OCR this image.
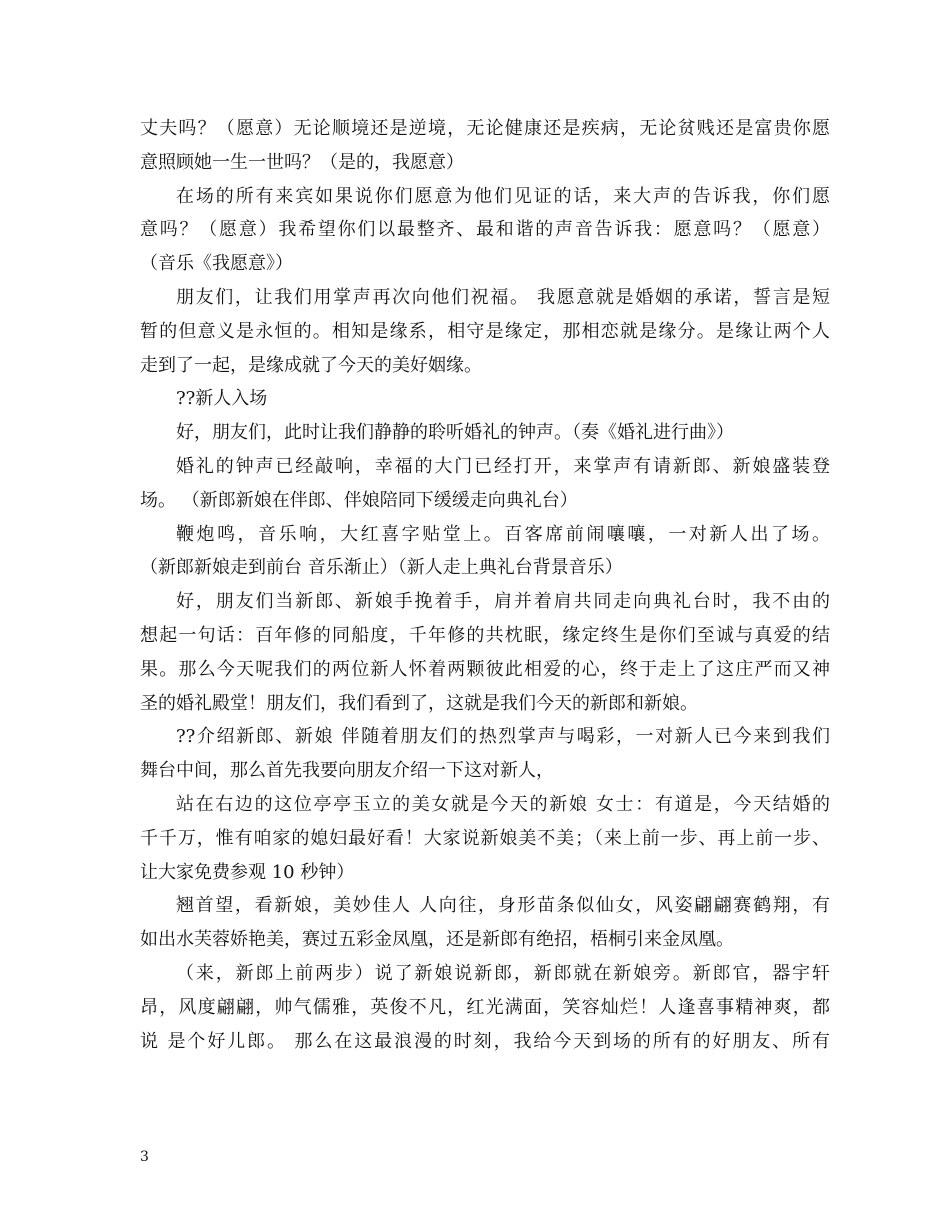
丈夫吗？（愿意）无论顺境还是逆境，无论健康还是疾病，无论贫贱还是富贵你愿
意照顾她一生一世吗？（是的，我愿意）
在场的所有来宾如果说你们愿意为他们见证的话，来大声的告诉我，你们愿
意吗？（愿意）我希望你们以最整齐、最和谐的声音告诉我：愿意吗？（愿意）
（音乐《我愿意》）
朋友们，让我们用掌声再次向他们祝福。 我愿意就是婚姻的承诺，誓言是短
暂的但意义是永恒的。相知是缘系，相守是缘定，那相恋就是缘分。是缘让两个人
走到了一起，是缘成就了今天的美好姻缘。
??新人入场
好，朋友们，此时让我们静静的聆听婚礼的钟声。（奏《婚礼进行曲》）
婚礼的钟声已经敲响，幸福的大门已经打开，来掌声有请新郎、新娘盛装登
场。 （新郎新娘在伴郎、伴娘陪同下缓缓走向典礼台）
鞭炮鸣，音乐响，大红喜字贴堂上。百客席前闹嚷嚷，一对新人出了场。
（新郎新娘走到前台 音乐渐止）（新人走上典礼台背景音乐）
好，朋友们当新郎、新娘手挽着手，肩并着肩共同走向典礼台时，我不由的
想起一句话：百年修的同船度，千年修的共枕眠，缘定终生是你们至诚与真爱的结
果。那么今天呢我们的两位新人怀着两颗彼此相爱的心，终于走上了这庄严而又神
圣的婚礼殿堂！朋友们，我们看到了，这就是我们今天的新郎和新娘。
??介绍新郎、新娘 伴随着朋友们的热烈掌声与喝彩，一对新人已今来到我们
舞台中间，那么首先我要向朋友介绍一下这对新人，
站在右边的这位亭亭玉立的美女就是今天的新娘 女士：有道是，今天结婚的
千千万，惟有咱家的媳妇最好看！大家说新娘美不美；（来上前一步、再上前一步、
让大家免费参观 10 秒钟）
翘首望，看新娘，美妙佳人 人向往，身形苗条似仙女，风姿翩翩赛鹤翔，有
如出水芙蓉娇艳美，赛过五彩金凤凰，还是新郎有绝招，梧桐引来金凤凰。
（来，新郎上前两步）说了新娘说新郎，新郎就在新娘旁。新郎官，器宇轩
昂，风度翩翩，帅气儒雅，英俊不凡，红光满面，笑容灿烂！人逢喜事精神爽，都
说 是个好儿郎。 那么在这最浪漫的时刻，我给今天到场的所有的好朋友、所有
3
